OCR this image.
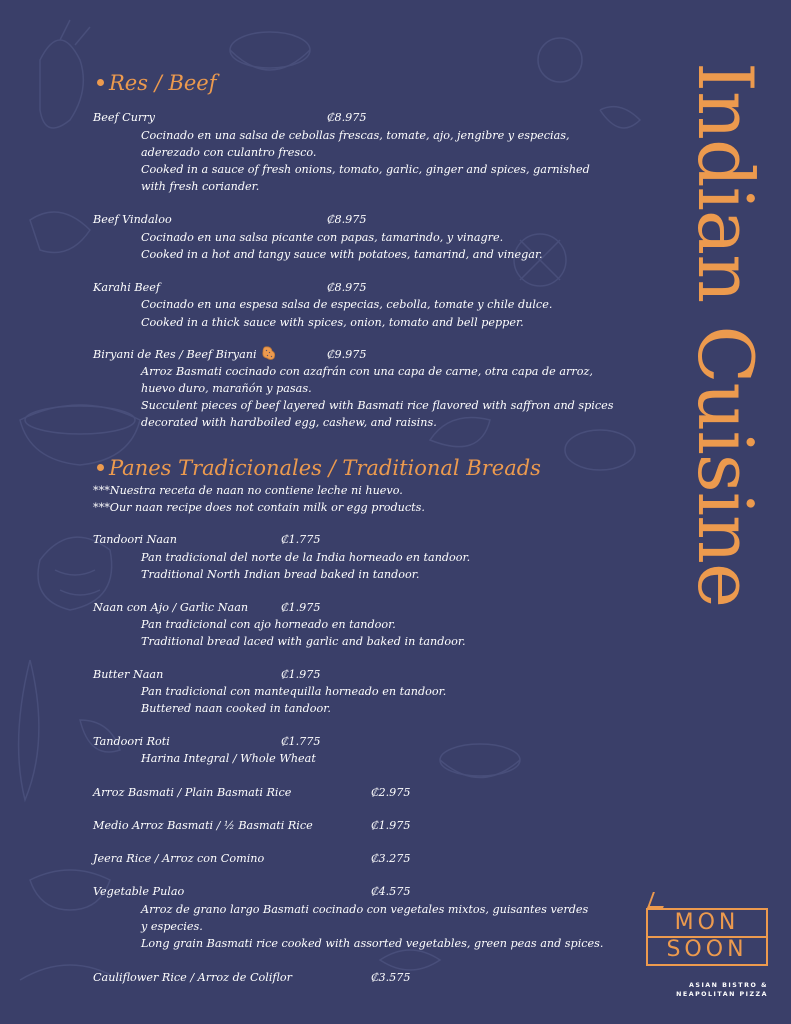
Res / Beef
Beef Curry	₡8.975
Cocinado en una salsa de cebollas frescas, tomate, ajo, jengibre y especias,
aderezado con culantro fresco.
Cooked in a sauce of fresh onions, tomato, garlic, ginger and spices, garnished
with fresh coriander.
Beef Vindaloo	₡8.975
Cocinado en una salsa picante con papas, tamarindo, y vinagre.
Cooked in a hot and tangy sauce with potatoes, tamarind, and vinegar.
Karahi Beef	₡8.975
Cocinado en una espesa salsa de especias, cebolla, tomate y chile dulce.
Cooked in a thick sauce with spices, onion, tomato and bell pepper.
Biryani de Res / Beef Biryani	₡9.975
Arroz Basmati cocinado con azafrán con una capa de carne, otra capa de arroz,
huevo duro, marañón y pasas.
Succulent pieces of beef layered with Basmati rice flavored with saffron and spices
decorated with hardboiled egg, cashew, and raisins.
Panes Tradicionales / Traditional Breads
***Nuestra receta de naan no contiene leche ni huevo.
***Our naan recipe does not contain milk or egg products.
Tandoori Naan	₡1.775
Pan tradicional del norte de la India horneado en tandoor.
Traditional North Indian bread baked in tandoor.
Naan con Ajo / Garlic Naan	₡1.975
Pan tradicional con ajo horneado en tandoor.
Traditional bread laced with garlic and baked in tandoor.
Butter Naan	₡1.975
Pan tradicional con mantequilla horneado en tandoor.
Buttered naan cooked in tandoor.
Tandoori Roti	₡1.775
Harina Integral / Whole Wheat
Arroz Basmati / Plain Basmati Rice	₡2.975
Medio Arroz Basmati / ½ Basmati Rice	₡1.975
Jeera Rice / Arroz con Comino	₡3.275
Vegetable Pulao	₡4.575
Arroz de grano largo Basmati cocinado con vegetales mixtos, guisantes verdes
y especies.
Long grain Basmati rice cooked with assorted vegetables, green peas and spices.
Cauliflower Rice / Arroz de Coliflor	₡3.575
Indian Cuisine
MON
SOON
ASIAN BISTRO &
NEAPOLITAN PIZZA
